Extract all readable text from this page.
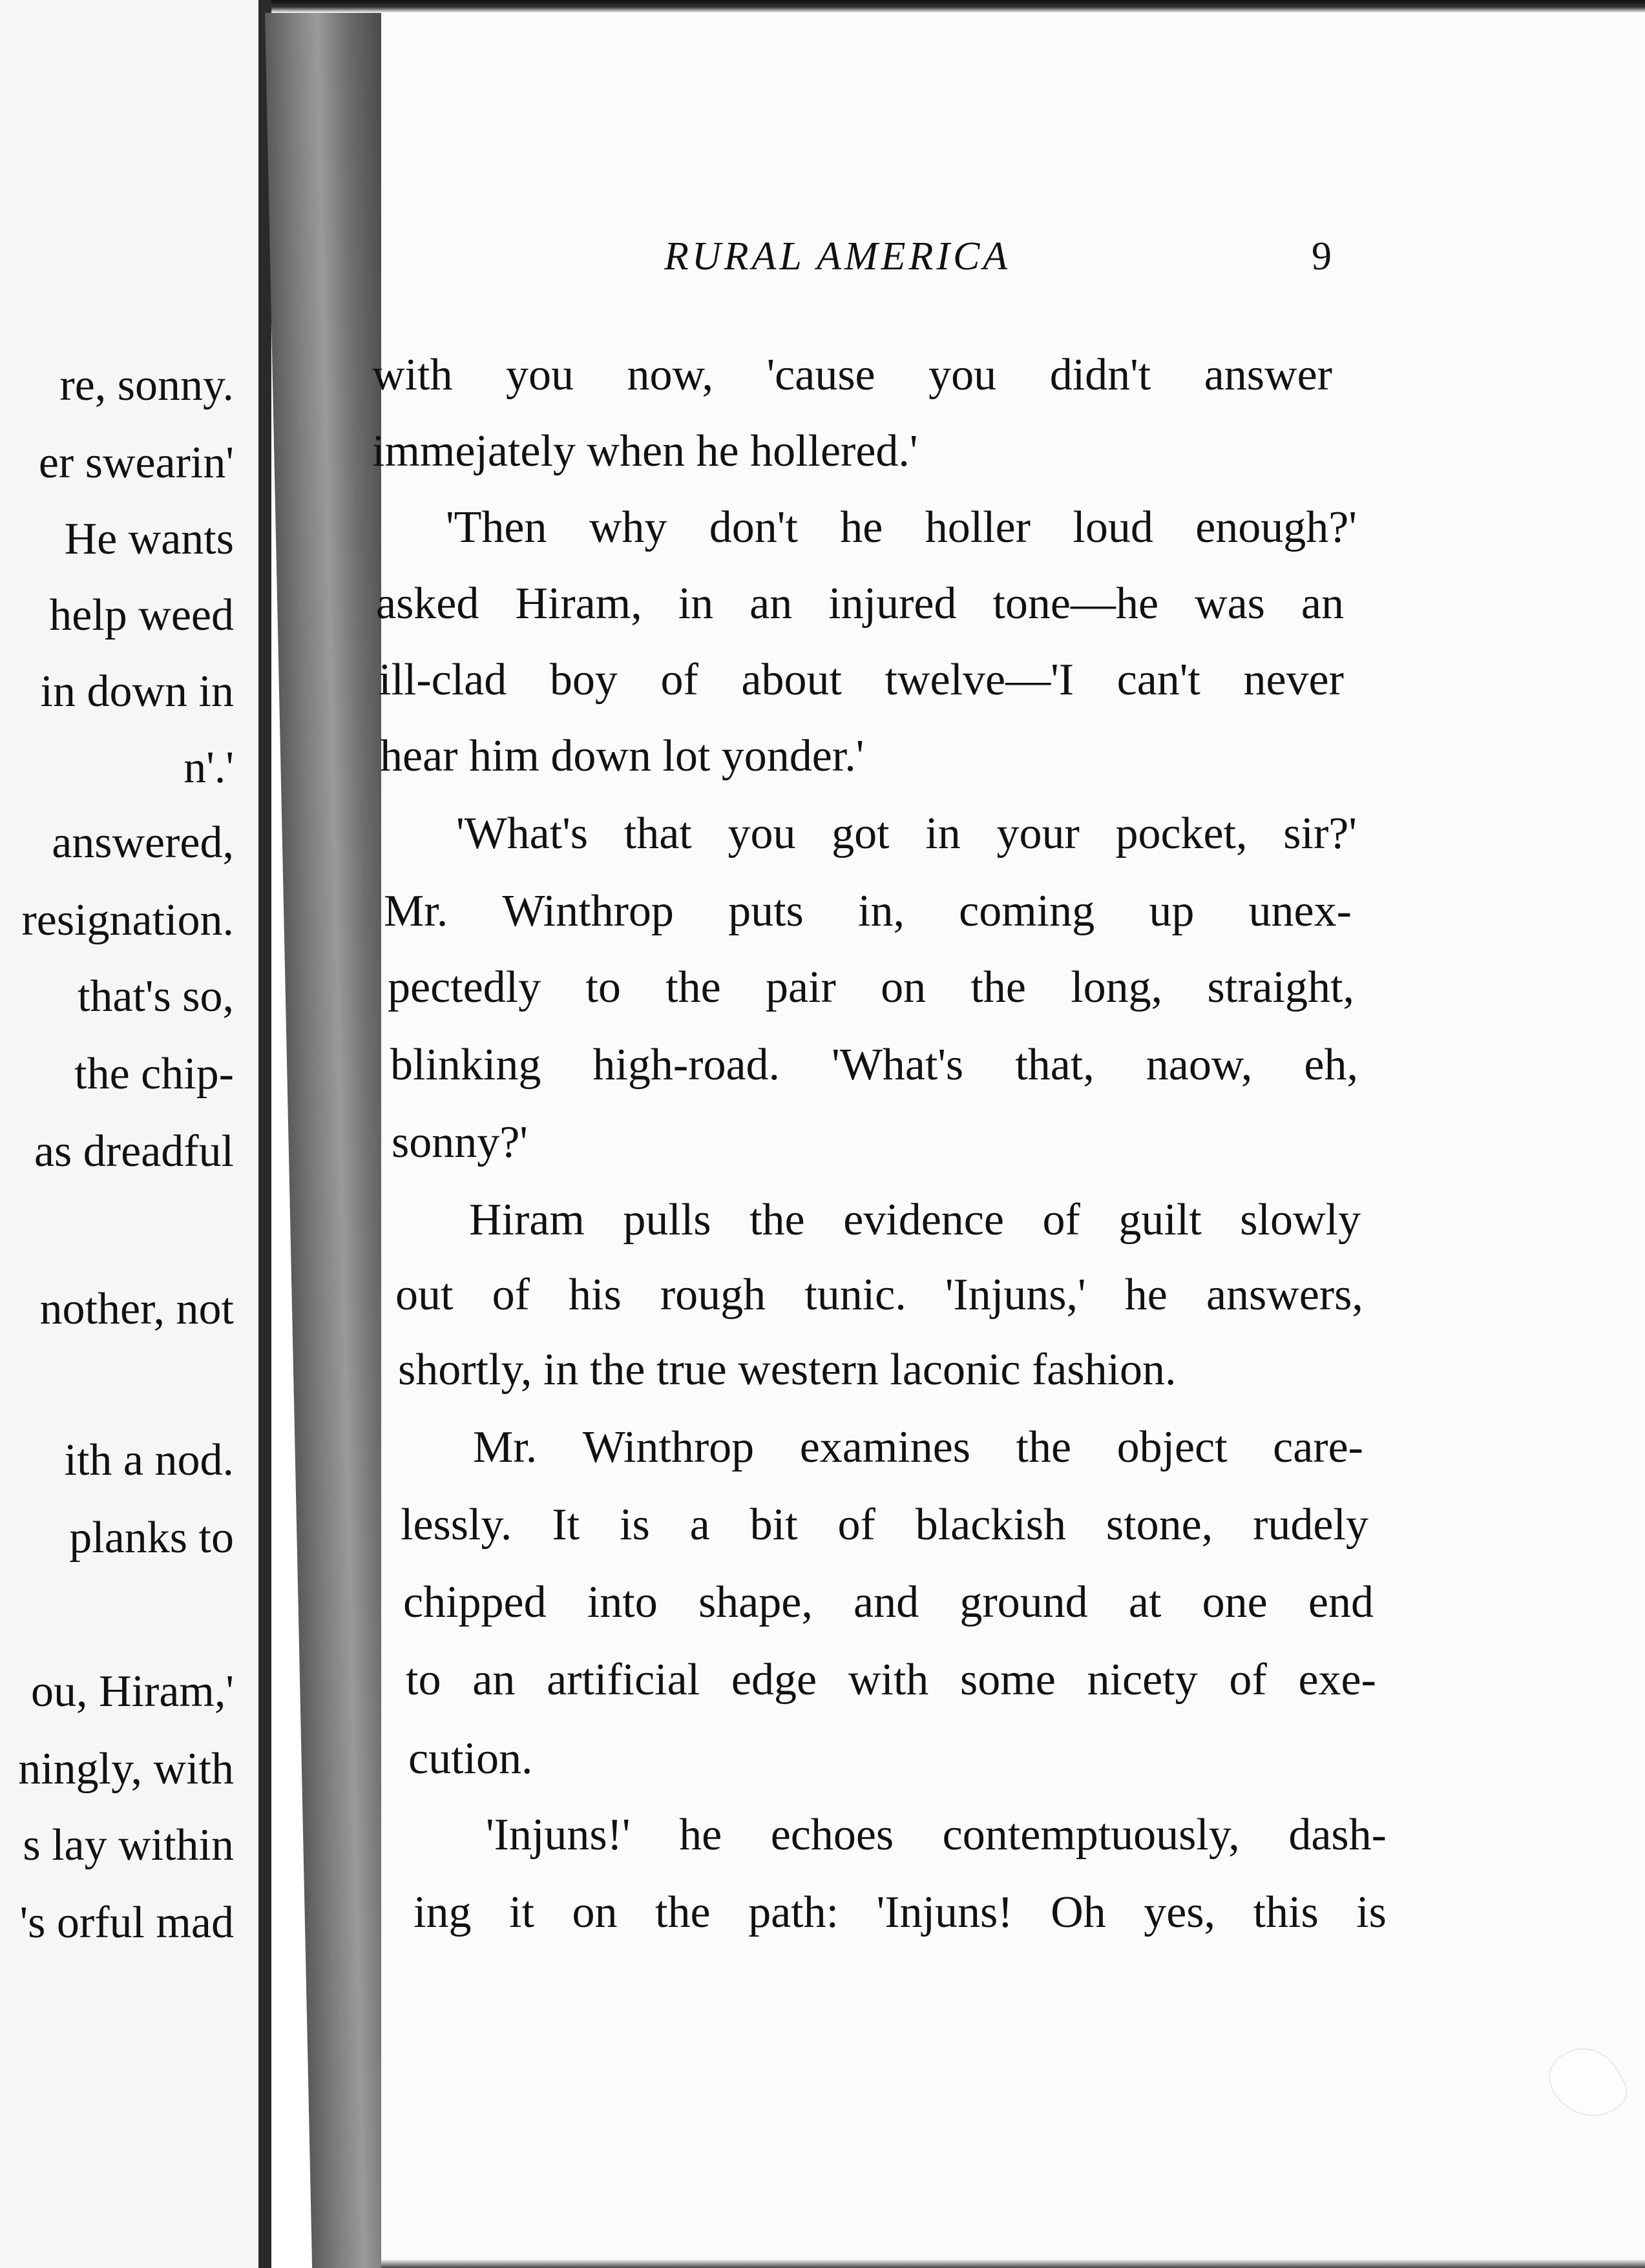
re, sonny.
er swearin'
He wants
help weed
in down in
n'.'
answered,
resignation.
that's so,
the chip-
as dreadful
nother, not
ith a nod.
planks to
ou, Hiram,'
ningly, with
s lay within
's orful mad
RURAL AMERICA	9
with you now, 'cause you didn't answer
immejately when he hollered.'
'Then why don't he holler loud enough?'
asked Hiram, in an injured tone—he was an
ill-clad boy of about twelve—'I can't never
hear him down lot yonder.'
'What's that you got in your pocket, sir?'
Mr. Winthrop puts in, coming up unex-
pectedly to the pair on the long, straight,
blinking high-road. 'What's that, naow, eh,
sonny?'
Hiram pulls the evidence of guilt slowly
out of his rough tunic. 'Injuns,' he answers,
shortly, in the true western laconic fashion.
Mr. Winthrop examines the object care-
lessly. It is a bit of blackish stone, rudely
chipped into shape, and ground at one end
to an artificial edge with some nicety of exe-
cution.
'Injuns!' he echoes contemptuously, dash-
ing it on the path: 'Injuns! Oh yes, this is
